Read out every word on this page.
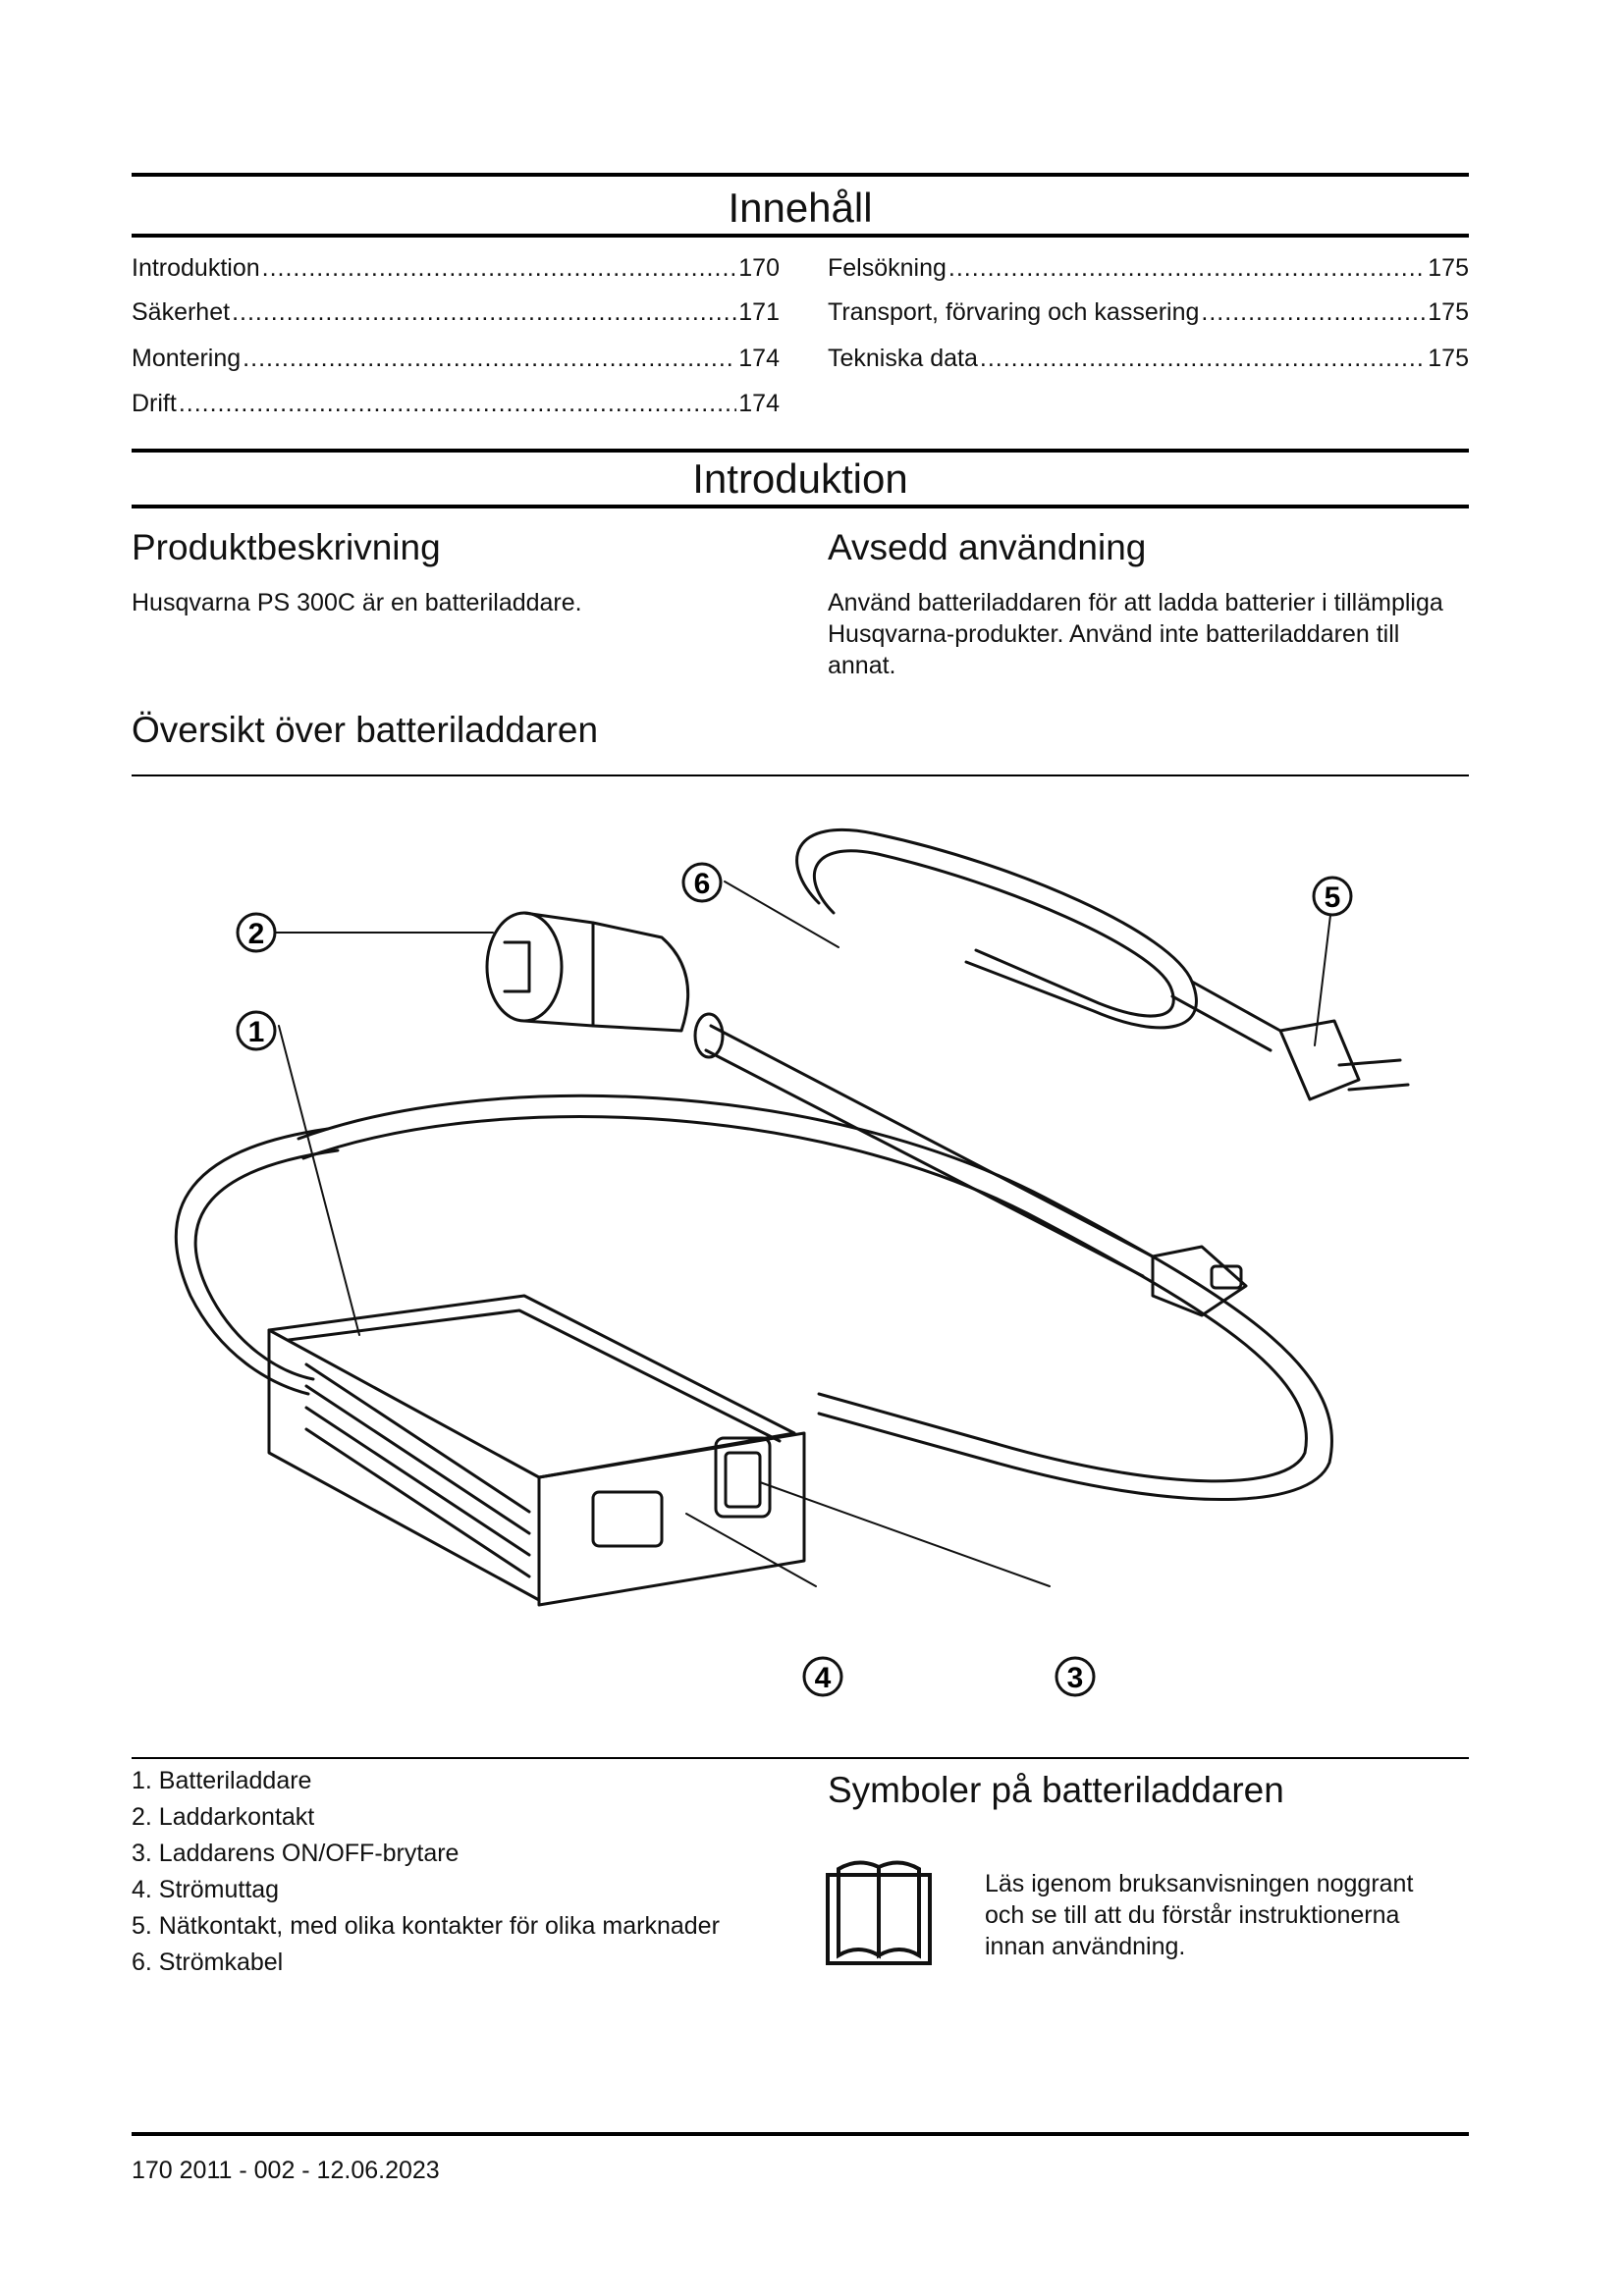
Innehåll
Introduktion .....	170
Säkerhet .....	171
Montering .....	174
Drift .....	174
Felsökning .....	175
Transport, förvaring och kassering .....	175
Tekniska data .....	175
Introduktion
Produktbeskrivning
Husqvarna PS 300C är en batteriladdare.
Avsedd användning
Använd batteriladdaren för att ladda batterier i tillämpliga
Husqvarna-produkter. Använd inte batteriladdaren till
annat.
Översikt över batteriladdaren
2
1
6	5
4	3
1. Batteriladdare
2. Laddarkontakt
3. Laddarens ON/OFF-brytare
4. Strömuttag
5. Nätkontakt, med olika kontakter för olika marknader
6. Strömkabel
Symboler på batteriladdaren
Läs igenom bruksanvisningen noggrant
och se till att du förstår instruktionerna
innan användning.
170 2011 - 002 - 12.06.2023
